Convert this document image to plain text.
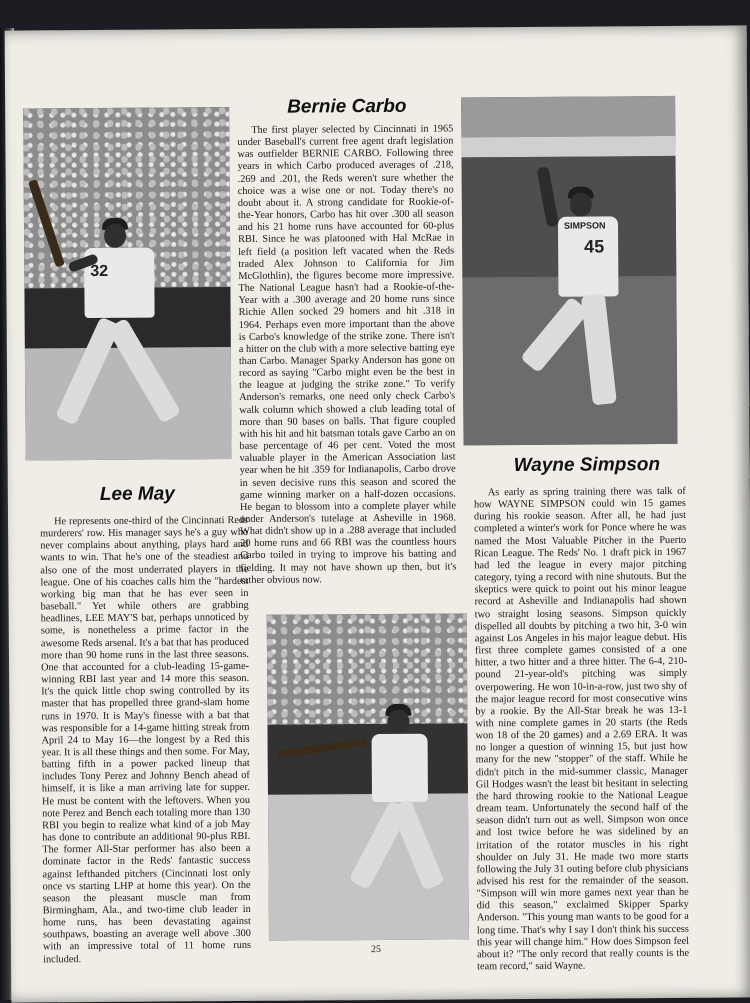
32
Bernie Carbo

The first player selected by Cincinnati in 1965 under Baseball's current free agent draft legislation was outfielder BERNIE CARBO. Following three years in which Carbo produced averages of .218, .269 and .201, the Reds weren't sure whether the choice was a wise one or not. Today there's no doubt about it. A strong candidate for Rookie-of-the-Year honors, Carbo has hit over .300 all season and his 21 home runs have accounted for 60-plus RBI. Since he was platooned with Hal McRae in left field (a position left vacated when the Reds traded Alex Johnson to California for Jim McGlothlin), the figures become more impressive. The National League hasn't had a Rookie-of-the-Year with a .300 average and 20 home runs since Richie Allen socked 29 homers and hit .318 in 1964. Perhaps even more important than the above is Carbo's knowledge of the strike zone. There isn't a hitter on the club with a more selective batting eye than Carbo. Manager Sparky Anderson has gone on record as saying "Carbo might even be the best in the league at judging the strike zone." To verify Anderson's remarks, one need only check Carbo's walk column which showed a club leading total of more than 90 bases on balls. That figure coupled with his hit and hit batsman totals gave Carbo an on base percentage of 46 per cent. Voted the most valuable player in the American Association last year when he hit .359 for Indianapolis, Carbo drove in seven decisive runs this season and scored the game winning marker on a half-dozen occasions. He began to blossom into a complete player while under Anderson's tutelage at Asheville in 1968. What didn't show up in a .288 average that included 20 home runs and 66 RBI was the countless hours Carbo toiled in trying to improve his batting and fielding. It may not have shown up then, but it's rather obvious now.

SIMPSON
45
Lee May

He represents one-third of the Cincinnati Reds murderers' row. His manager says he's a guy who never complains about anything, plays hard and wants to win. That he's one of the steadiest and also one of the most underrated players in the league. One of his coaches calls him the "hardest working big man that he has ever seen in baseball." Yet while others are grabbing headlines, LEE MAY'S bat, perhaps unnoticed by some, is nonetheless a prime factor in the awesome Reds arsenal. It's a bat that has produced more than 90 home runs in the last three seasons. One that accounted for a club-leading 15-game-winning RBI last year and 14 more this season. It's the quick little chop swing controlled by its master that has propelled three grand-slam home runs in 1970. It is May's finesse with a bat that was responsible for a 14-game hitting streak from April 24 to May 16—the longest by a Red this year. It is all these things and then some. For May, batting fifth in a power packed lineup that includes Tony Perez and Johnny Bench ahead of himself, it is like a man arriving late for supper. He must be content with the leftovers. When you note Perez and Bench each totaling more than 130 RBI you begin to realize what kind of a job May has done to contribute an additional 90-plus RBI. The former All-Star performer has also been a dominate factor in the Reds' fantastic success against lefthanded pitchers (Cincinnati lost only once vs starting LHP at home this year). On the season the pleasant muscle man from Birmingham, Ala., and two-time club leader in home runs, has been devastating against southpaws, boasting an average well above .300 with an impressive total of 11 home runs included.

Wayne Simpson

As early as spring training there was talk of how WAYNE SIMPSON could win 15 games during his rookie season. After all, he had just completed a winter's work for Ponce where he was named the Most Valuable Pitcher in the Puerto Rican League. The Reds' No. 1 draft pick in 1967 had led the league in every major pitching category, tying a record with nine shutouts. But the skeptics were quick to point out his minor league record at Asheville and Indianapolis had shown two straight losing seasons. Simpson quickly dispelled all doubts by pitching a two hit, 3-0 win against Los Angeles in his major league debut. His first three complete games consisted of a one hitter, a two hitter and a three hitter. The 6-4, 210-pound 21-year-old's pitching was simply overpowering. He won 10-in-a-row, just two shy of the major league record for most consecutive wins by a rookie. By the All-Star break he was 13-1 with nine complete games in 20 starts (the Reds won 18 of the 20 games) and a 2.69 ERA. It was no longer a question of winning 15, but just how many for the new "stopper" of the staff. While he didn't pitch in the mid-summer classic, Manager Gil Hodges wasn't the least bit hesitant in selecting the hard throwing rookie to the National League dream team. Unfortunately the second half of the season didn't turn out as well. Simpson won once and lost twice before he was sidelined by an irritation of the rotator muscles in his right shoulder on July 31. He made two more starts following the July 31 outing before club physicians advised his rest for the remainder of the season. "Simpson will win more games next year than he did this season," exclaimed Skipper Sparky Anderson. "This young man wants to be good for a long time. That's why I say I don't think his success this year will change him." How does Simpson feel about it? "The only record that really counts is the team record," said Wayne.

25
